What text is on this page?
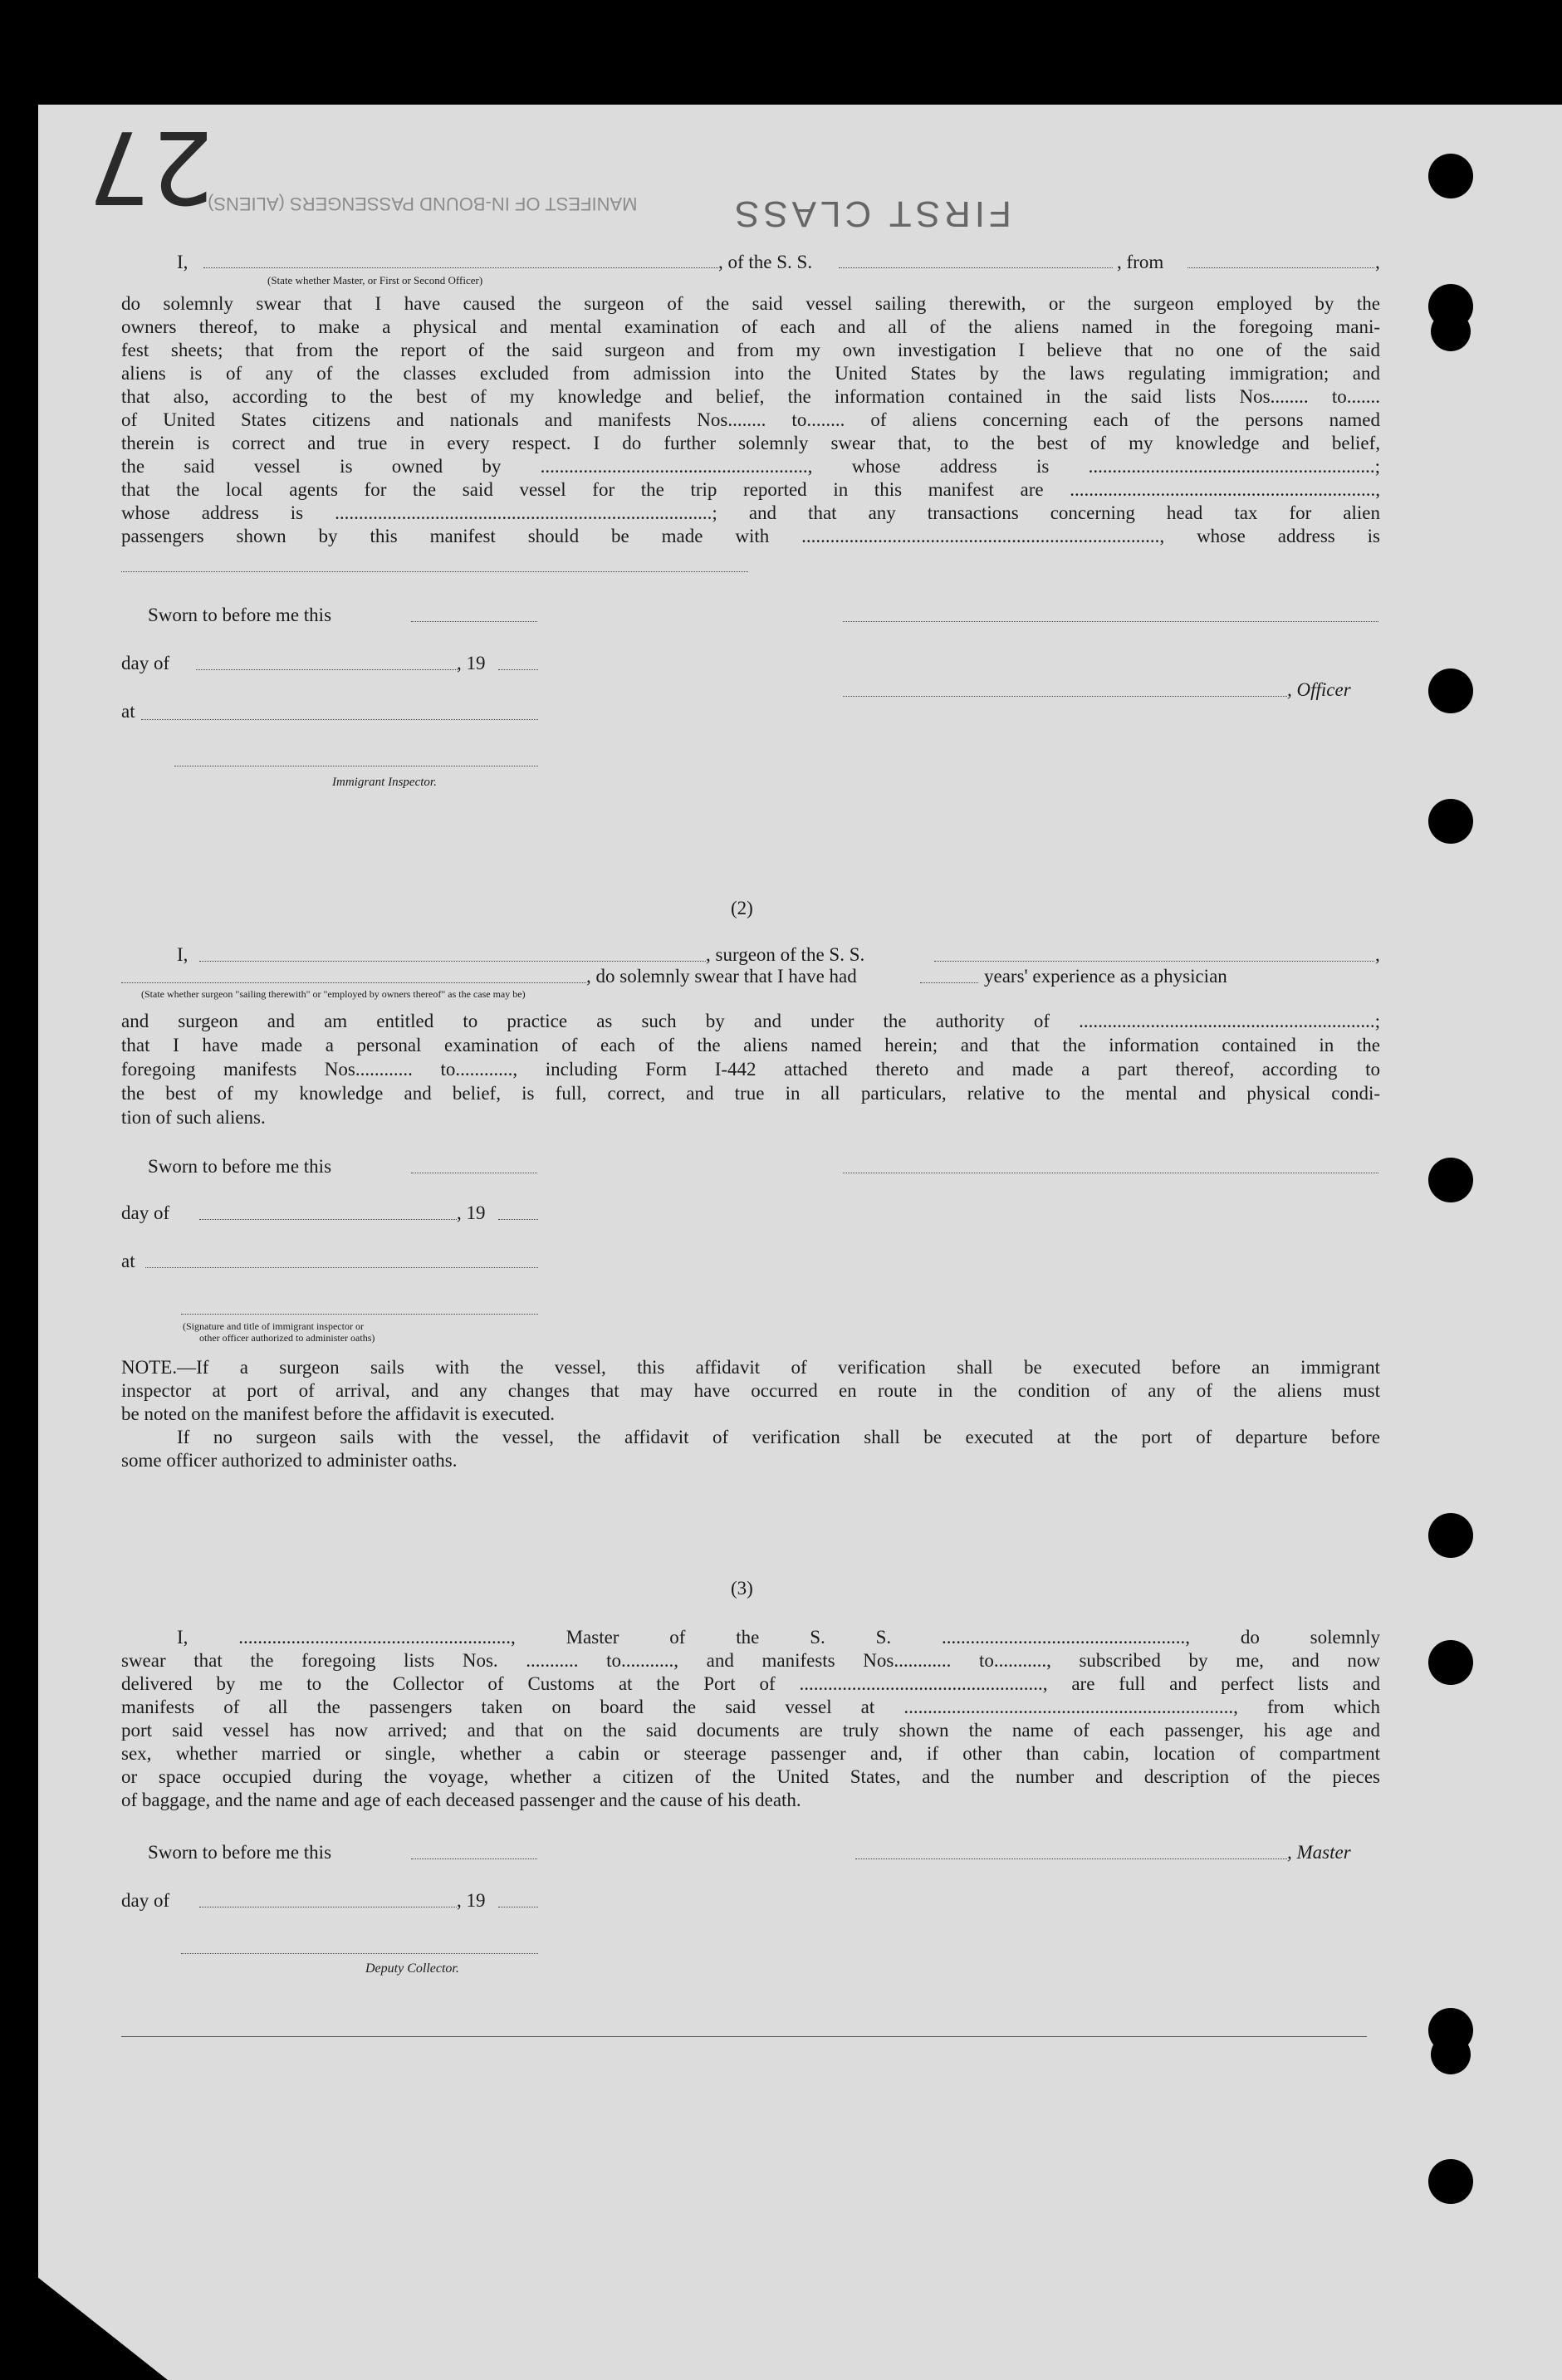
27	FIRST CLASS
MANIFEST OF IN-BOUND PASSENGERS (ALIENS)
I,	, of the S. S.	, from	,
(State whether Master, or First or Second Officer)
do solemnly swear that I have caused the surgeon of the said vessel sailing therewith, or the surgeon employed by the
owners thereof, to make a physical and mental examination of each and all of the aliens named in the foregoing mani-
fest sheets; that from the report of the said surgeon and from my own investigation I believe that no one of the said
aliens is of any of the classes excluded from admission into the United States by the laws regulating immigration; and
that also, according to the best of my knowledge and belief, the information contained in the said lists Nos........ to.......
of United States citizens and nationals and manifests Nos........ to........ of aliens concerning each of the persons named
therein is correct and true in every respect. I do further solemnly swear that, to the best of my knowledge and belief,
the said vessel is owned by ........................................................, whose address is ............................................................;
that the local agents for the said vessel for the trip reported in this manifest are ................................................................,
whose address is ...............................................................................; and that any transactions concerning head tax for alien
passengers shown by this manifest should be made with ..........................................................................., whose address is
Sworn to before me this
day of	, 19
, Officer
at
Immigrant Inspector.
(2)
I,	, surgeon of the S. S.	,
, do solemnly swear that I have had	years' experience as a physician
(State whether surgeon "sailing therewith" or "employed by owners thereof" as the case may be)
and surgeon and am entitled to practice as such by and under the authority of ..............................................................;
that I have made a personal examination of each of the aliens named herein; and that the information contained in the
foregoing manifests Nos............ to............, including Form I-442 attached thereto and made a part thereof, according to
the best of my knowledge and belief, is full, correct, and true in all particulars, relative to the mental and physical condi-
tion of such aliens.
Sworn to before me this
day of	, 19
at
(Signature and title of immigrant inspector or
other officer authorized to administer oaths)
NOTE.—If a surgeon sails with the vessel, this affidavit of verification shall be executed before an immigrant
inspector at port of arrival, and any changes that may have occurred en route in the condition of any of the aliens must
be noted on the manifest before the affidavit is executed.
If no surgeon sails with the vessel, the affidavit of verification shall be executed at the port of departure before
some officer authorized to administer oaths.
(3)
I, ........................................................., Master of the S. S. ..................................................., do solemnly
swear that the foregoing lists Nos. ........... to..........., and manifests Nos............ to..........., subscribed by me, and now
delivered by me to the Collector of Customs at the Port of ..................................................., are full and perfect lists and
manifests of all the passengers taken on board the said vessel at ....................................................................., from which
port said vessel has now arrived; and that on the said documents are truly shown the name of each passenger, his age and
sex, whether married or single, whether a cabin or steerage passenger and, if other than cabin, location of compartment
or space occupied during the voyage, whether a citizen of the United States, and the number and description of the pieces
of baggage, and the name and age of each deceased passenger and the cause of his death.
Sworn to before me this	, Master
day of	, 19
Deputy Collector.
